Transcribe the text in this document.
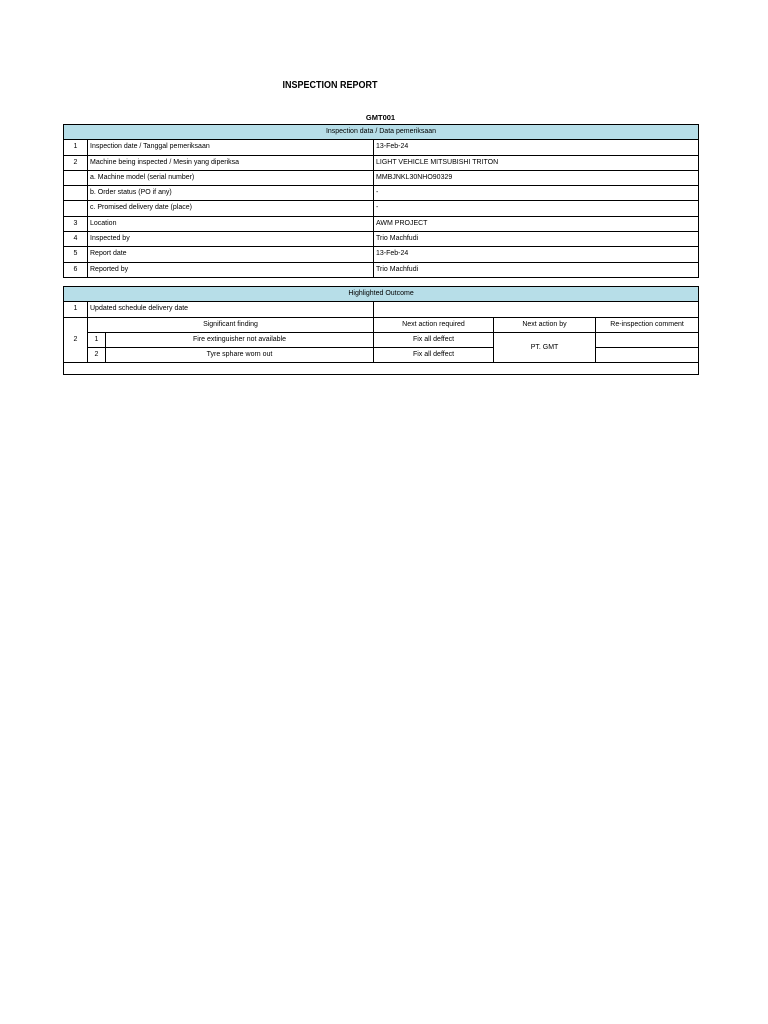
INSPECTION REPORT
GMT001
Inspection data / Data pemeriksaan		
1	Inspection date / Tanggal pemeriksaan	13-Feb-24
2	Machine being inspected / Mesin yang diperiksa	LIGHT VEHICLE MITSUBISHI TRITON
	a. Machine model (serial number)	MMBJNKL30NHO90329
	b. Order status (PO if any)	-
	c. Promised delivery date (place)	-
3	Location	AWM PROJECT
4	Inspected by	Trio Machfudi
5	Report date	13-Feb-24
6	Reported by	Trio Machfudi
Highlighted Outcome					
1	Updated schedule delivery date				
2	Significant finding		Next action required	Next action by	Re-inspection comment
	1	Fire extinguisher not available	Fix all deffect	PT. GMT	
	2	Tyre sphare worn out	Fix all deffect		
